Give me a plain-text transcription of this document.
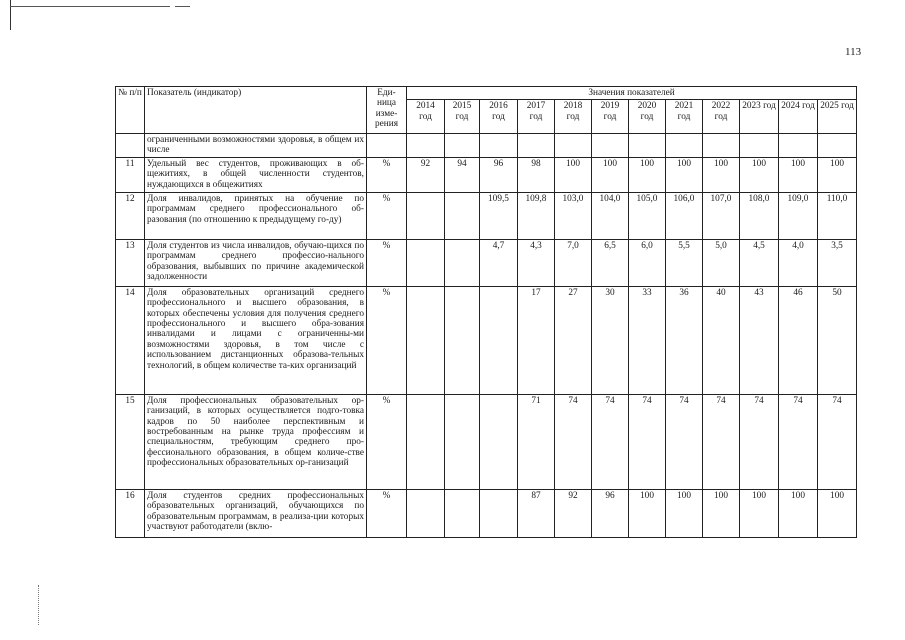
113
№ п/п	Показатель (индикатор)	Еди-ница изме-рения	Значения показателей											
			2014 год	2015 год	2016 год	2017 год	2018 год	2019 год	2020 год	2021 год	2022 год	2023 год	2024 год	2025 год
	ограниченными возможностями здоровья, в общем их числе													
11	Удельный вес студентов, проживающих в об-щежитиях, в общей численности студентов, нуждающихся в общежитиях	%	92	94	96	98	100	100	100	100	100	100	100	100
12	Доля инвалидов, принятых на обучение по программам среднего профессионального об-разования (по отношению к предыдущему го-ду)	%			109,5	109,8	103,0	104,0	105,0	106,0	107,0	108,0	109,0	110,0
13	Доля студентов из числа инвалидов, обучаю-щихся по программам среднего профессио-нального образования, выбывших по причине академической задолженности	%			4,7	4,3	7,0	6,5	6,0	5,5	5,0	4,5	4,0	3,5
14	Доля образовательных организаций среднего профессионального и высшего образования, в которых обеспечены условия для получения среднего профессионального и высшего обра-зования инвалидами и лицами с ограниченны-ми возможностями здоровья, в том числе с использованием дистанционных образова-тельных технологий, в общем количестве та-ких организаций	%				17	27	30	33	36	40	43	46	50
15	Доля профессиональных образовательных ор-ганизаций, в которых осуществляется подго-товка кадров по 50 наиболее перспективным и востребованным на рынке труда профессиям и специальностям, требующим среднего про-фессионального образования, в общем количе-стве профессиональных образовательных ор-ганизаций	%				71	74	74	74	74	74	74	74	74
16	Доля студентов средних профессиональных образовательных организаций, обучающихся по образовательным программам, в реализа-ции которых участвуют работодатели (вклю-	%				87	92	96	100	100	100	100	100	100
